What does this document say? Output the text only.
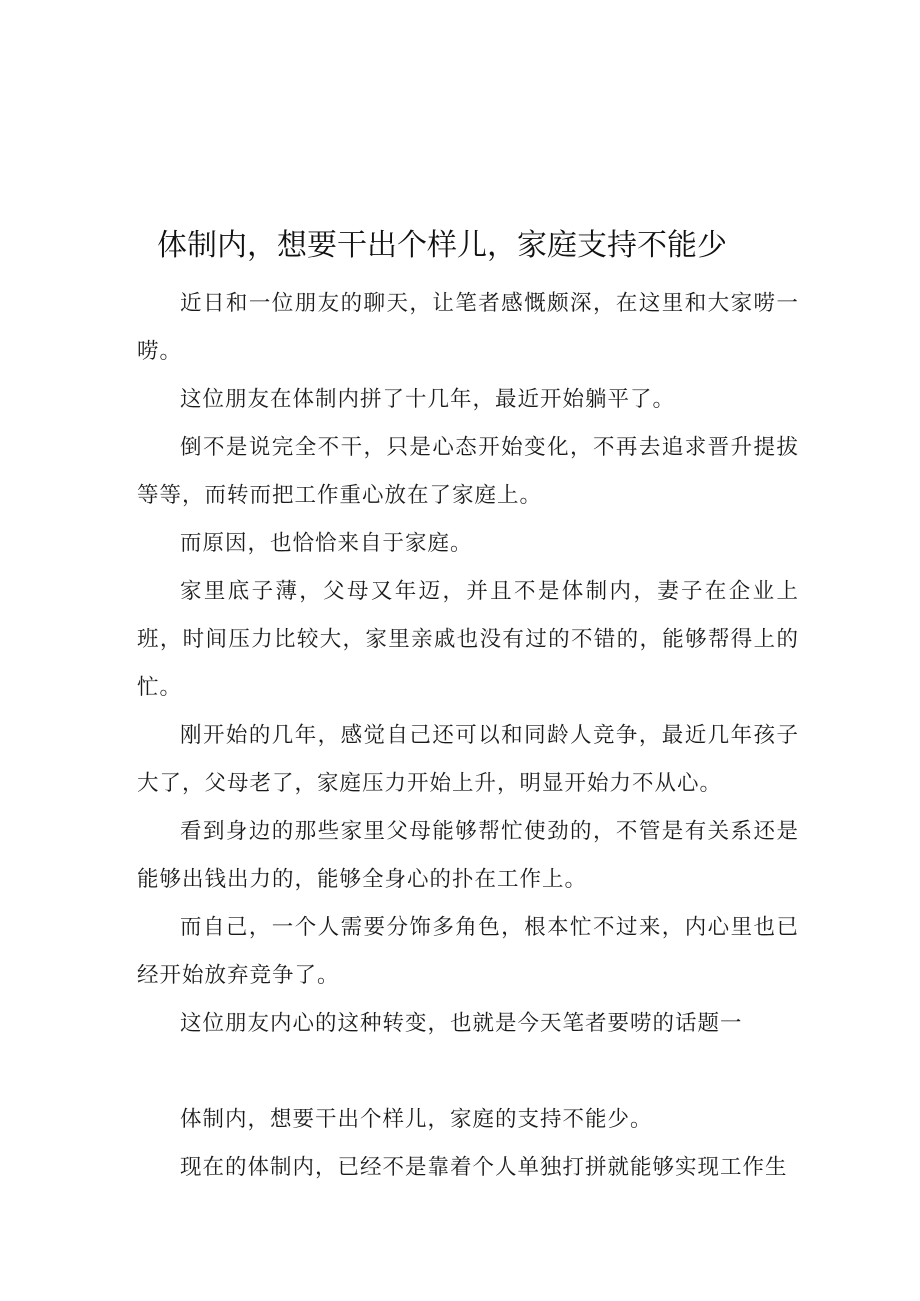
体制内，想要干出个样儿，家庭支持不能少

近日和一位朋友的聊天，让笔者感慨颇深，在这里和大家唠一唠。

这位朋友在体制内拼了十几年，最近开始躺平了。

倒不是说完全不干，只是心态开始变化，不再去追求晋升提拔等等，而转而把工作重心放在了家庭上。

而原因，也恰恰来自于家庭。

家里底子薄，父母又年迈，并且不是体制内，妻子在企业上班，时间压力比较大，家里亲戚也没有过的不错的，能够帮得上的忙。

刚开始的几年，感觉自己还可以和同龄人竞争，最近几年孩子大了，父母老了，家庭压力开始上升，明显开始力不从心。

看到身边的那些家里父母能够帮忙使劲的，不管是有关系还是能够出钱出力的，能够全身心的扑在工作上。

而自己，一个人需要分饰多角色，根本忙不过来，内心里也已经开始放弃竞争了。

这位朋友内心的这种转变，也就是今天笔者要唠的话题一

体制内，想要干出个样儿，家庭的支持不能少。

现在的体制内，已经不是靠着个人单独打拼就能够实现工作生
